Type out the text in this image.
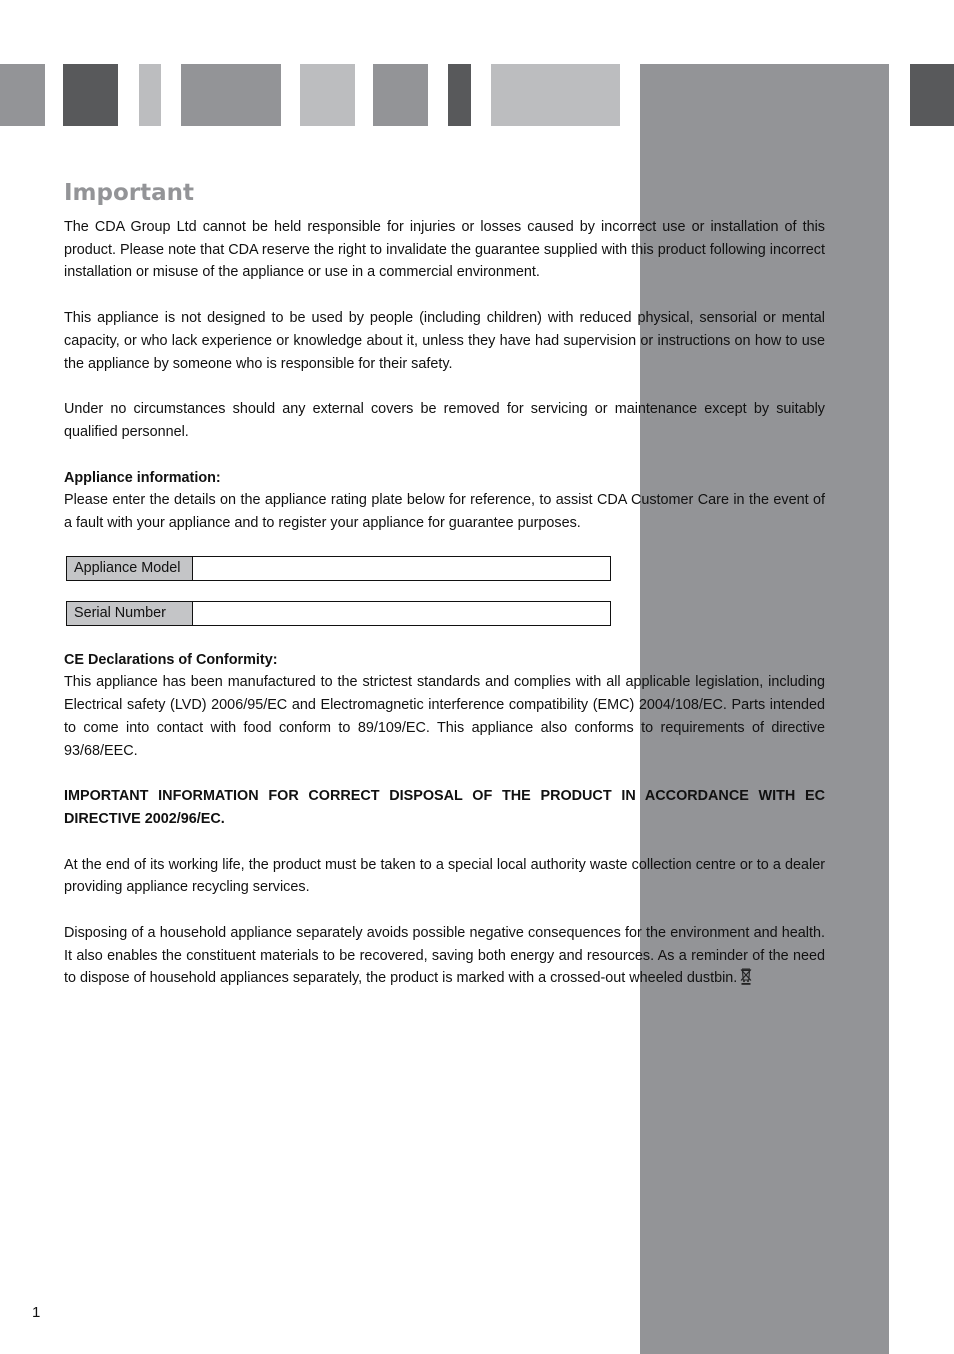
Important

The CDA Group Ltd cannot be held responsible for injuries or losses caused by incorrect use or installation of this product. Please note that CDA reserve the right to invalidate the guarantee supplied with this product following incorrect installation or misuse of the appliance or use in a commercial environment.

This appliance is not designed to be used by people (including children) with reduced physical, sensorial or mental capacity, or who lack experience or knowledge about it, unless they have had supervision or instructions on how to use the appliance by someone who is responsible for their safety.

Under no circumstances should any external covers be removed for servicing or maintenance except by suitably qualified personnel.

Appliance information:

Please enter the details on the appliance rating plate below for reference, to assist CDA Customer Care in the event of a fault with your appliance and to register your appliance for guarantee purposes.

Appliance Model
Serial Number

CE Declarations of Conformity:

This appliance has been manufactured to the strictest standards and complies with all applicable legislation, including Electrical safety (LVD) 2006/95/EC and Electromagnetic interference compatibility (EMC) 2004/108/EC. Parts intended to come into contact with food conform to 89/109/EC. This appliance also conforms to requirements of directive 93/68/EEC.

IMPORTANT INFORMATION FOR CORRECT DISPOSAL OF THE PRODUCT IN ACCORDANCE WITH EC DIRECTIVE 2002/96/EC.

At the end of its working life, the product must be taken to a special local authority waste collection centre or to a dealer providing appliance recycling services.

Disposing of a household appliance separately avoids possible negative consequences for the environment and health. It also enables the constituent materials to be recovered, saving both energy and resources. As a reminder of the need to dispose of household appliances separately, the product is marked with a crossed-out wheeled dustbin.

1
